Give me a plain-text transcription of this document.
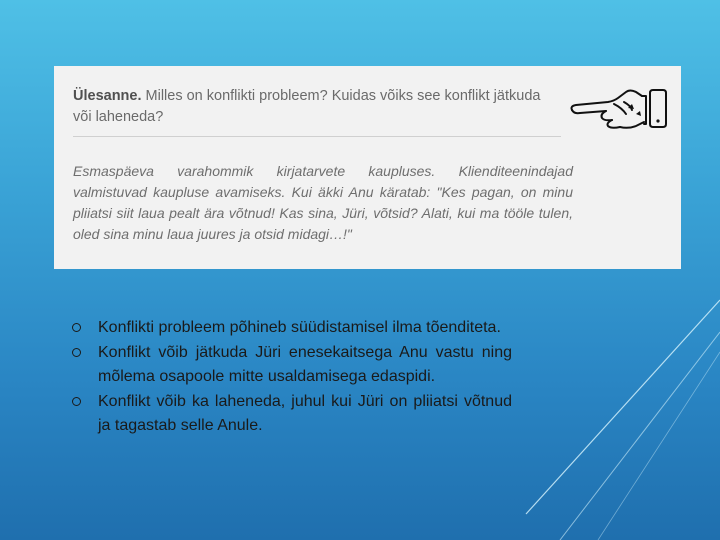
Ülesanne. Milles on konflikti probleem? Kuidas võiks see konflikt jätkuda või laheneda?
Esmaspäeva varahommik kirjatarvete kaupluses. Klienditeenindajad valmistuvad kaupluse avamiseks. Kui äkki Anu käratab: "Kes pagan, on minu pliiatsi siit laua pealt ära võtnud! Kas sina, Jüri, võtsid? Alati, kui ma tööle tulen, oled sina minu laua juures ja otsid midagi…!"
Konflikti probleem põhineb süüdistamisel ilma tõenditeta.
Konflikt võib jätkuda Jüri enesekaitsega Anu vastu ning mõlema osapoole mitte usaldamisega edaspidi.
Konflikt võib ka laheneda, juhul kui Jüri on pliiatsi võtnud ja tagastab selle Anule.
